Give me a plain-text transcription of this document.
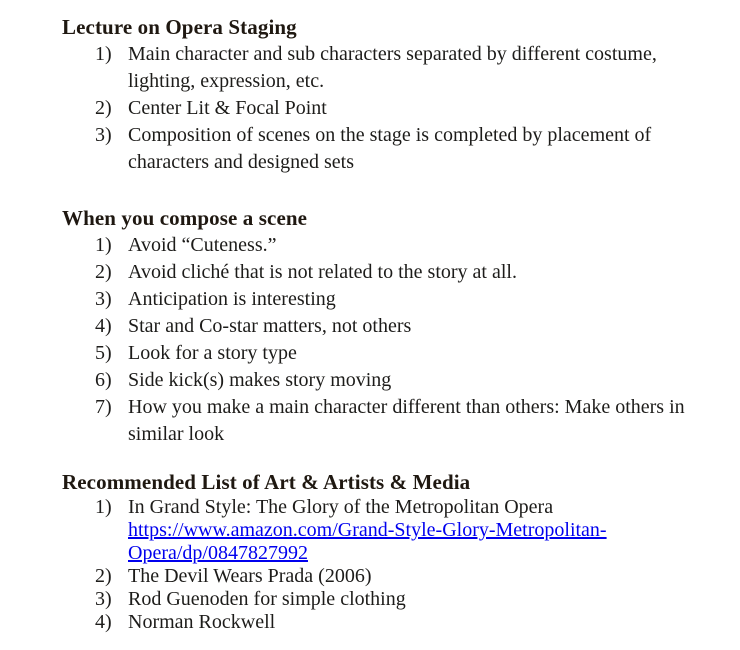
Lecture on Opera Staging
1) Main character and sub characters separated by different costume, lighting, expression, etc.
2) Center Lit & Focal Point
3) Composition of scenes on the stage is completed by placement of characters and designed sets
When you compose a scene
1) Avoid “Cuteness.”
2) Avoid cliché that is not related to the story at all.
3) Anticipation is interesting
4) Star and Co-star matters, not others
5) Look for a story type
6) Side kick(s) makes story moving
7) How you make a main character different than others: Make others in similar look
Recommended List of Art & Artists & Media
1) In Grand Style: The Glory of the Metropolitan Opera
https://www.amazon.com/Grand-Style-Glory-Metropolitan-
Opera/dp/0847827992
2) The Devil Wears Prada (2006)
3) Rod Guenoden for simple clothing
4) Norman Rockwell
